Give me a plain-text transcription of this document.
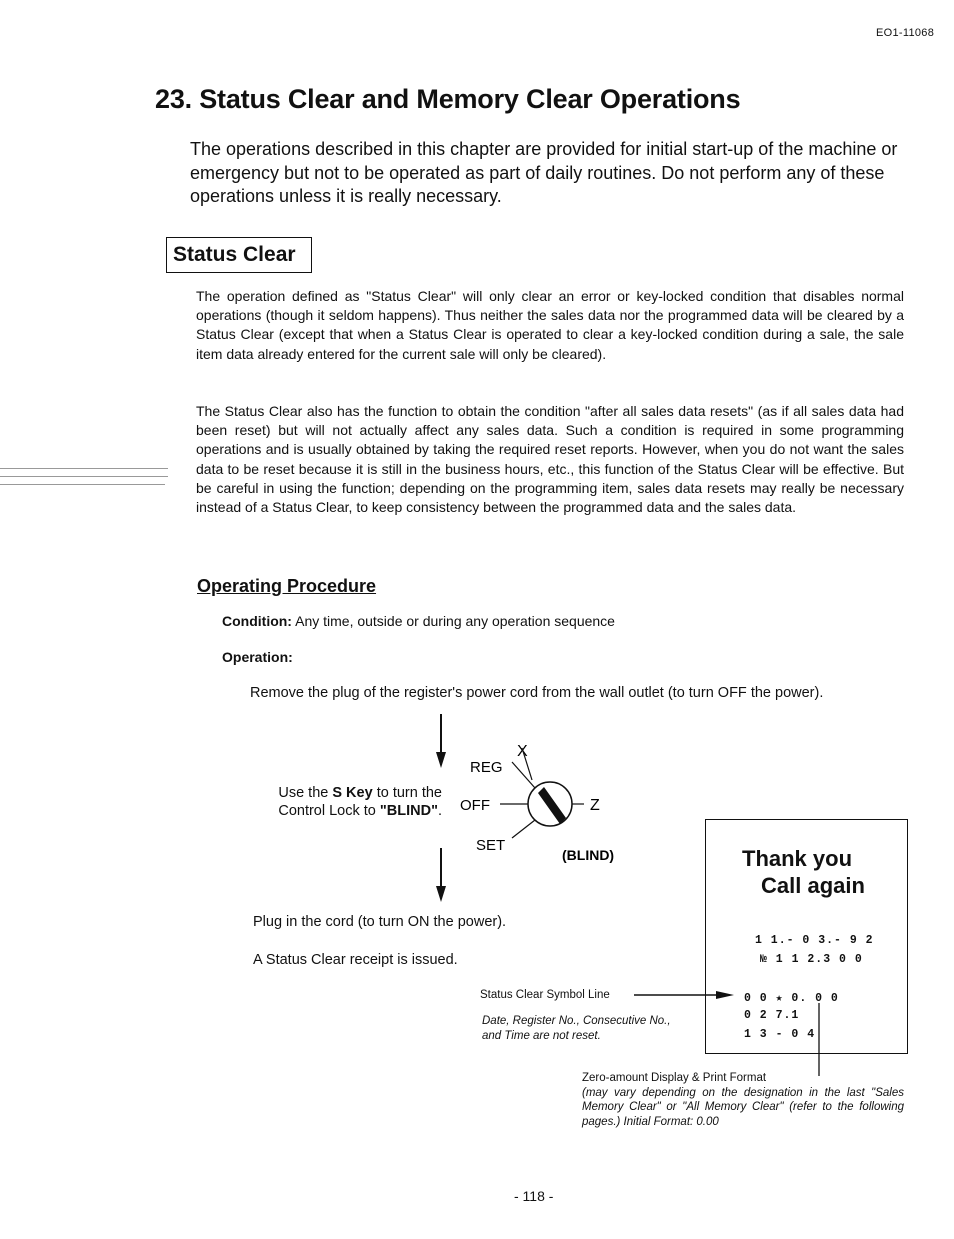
EO1-11068
23. Status Clear and Memory Clear Operations
The operations described in this chapter are provided for initial start-up of the machine or emergency but not to be operated as part of daily routines. Do not perform any of these operations unless it is really necessary.
Status Clear
The operation defined as "Status Clear" will only clear an error or key-locked condition that disables normal operations (though it seldom happens). Thus neither the sales data nor the programmed data will be cleared by a Status Clear (except that when a Status Clear is operated to clear a key-locked condition during a sale, the sale item data already entered for the current sale will only be cleared).
The Status Clear also has the function to obtain the condition "after all sales data resets" (as if all sales data had been reset) but will not actually affect any sales data. Such a condition is required in some programming operations and is usually obtained by taking the required reset reports. However, when you do not want the sales data to be reset because it is still in the business hours, etc., this function of the Status Clear will be effective. But be careful in using the function; depending on the programming item, sales data resets may really be necessary instead of a Status Clear, to keep consistency between the programmed data and the sales data.
Operating Procedure
Condition: Any time, outside or during any operation sequence
Operation:
Remove the plug of the register's power cord from the wall outlet (to turn OFF the power).
Use the S Key to turn the
Control Lock to "BLIND".
Plug in the cord (to turn ON the power).
A Status Clear receipt is issued.
X
REG
OFF	Z
SET
(BLIND)	Thank you
Call again
1 1.- 0 3.- 9 2
№ 1 1 2.3 0 0
0 0 ★ 0. 0 0
0 2 7.1
1 3 - 0 4
Status Clear Symbol Line
Date, Register No., Consecutive No., and Time are not reset.
Zero-amount Display & Print Format
(may vary depending on the designation in the last "Sales Memory Clear" or "All Memory Clear" (refer to the following pages.) Initial Format: 0.00
- 118 -
